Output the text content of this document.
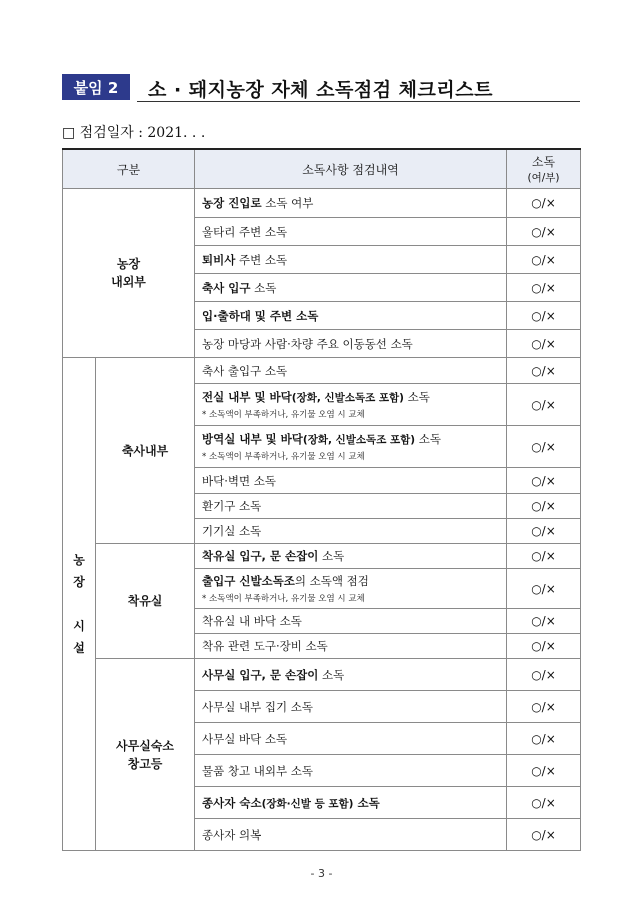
붙임 2	소 · 돼지농장 자체 소독점검 체크리스트
□ 점검일자 : 2021. . .
구분		소독사항 점검내역	소독
(여/부)

농장
내외부		농장 진입로 소독 여부	○/×
		울타리 주변 소독	○/×
		퇴비사 주변 소독	○/×
		축사 입구 소독	○/×
		입·출하대 및 주변 소독	○/×
		농장 마당과 사람·차량 주요 이동동선 소독	○/×

농
장
시
설	축사내부	축사 출입구 소독	○/×
		전실 내부 및 바닥(장화, 신발소독조 포함) 소독
* 소독액이 부족하거나, 유기물 오염 시 교체	○/×
		방역실 내부 및 바닥(장화, 신발소독조 포함) 소독
* 소독액이 부족하거나, 유기물 오염 시 교체	○/×
		바닥·벽면 소독	○/×
		환기구 소독	○/×
		기기실 소독	○/×
	착유실	착유실 입구, 문 손잡이 소독	○/×
		출입구 신발소독조의 소독액 점검
* 소독액이 부족하거나, 유기물 오염 시 교체	○/×
		착유실 내 바닥 소독	○/×
		착유 관련 도구·장비 소독	○/×

	사무실숙소
창고등	사무실 입구, 문 손잡이 소독	○/×
		사무실 내부 집기 소독	○/×
		사무실 바닥 소독	○/×
		물품 창고 내외부 소독	○/×
		종사자 숙소(장화·신발 등 포함) 소독	○/×
		종사자 의복	○/×
- 3 -
